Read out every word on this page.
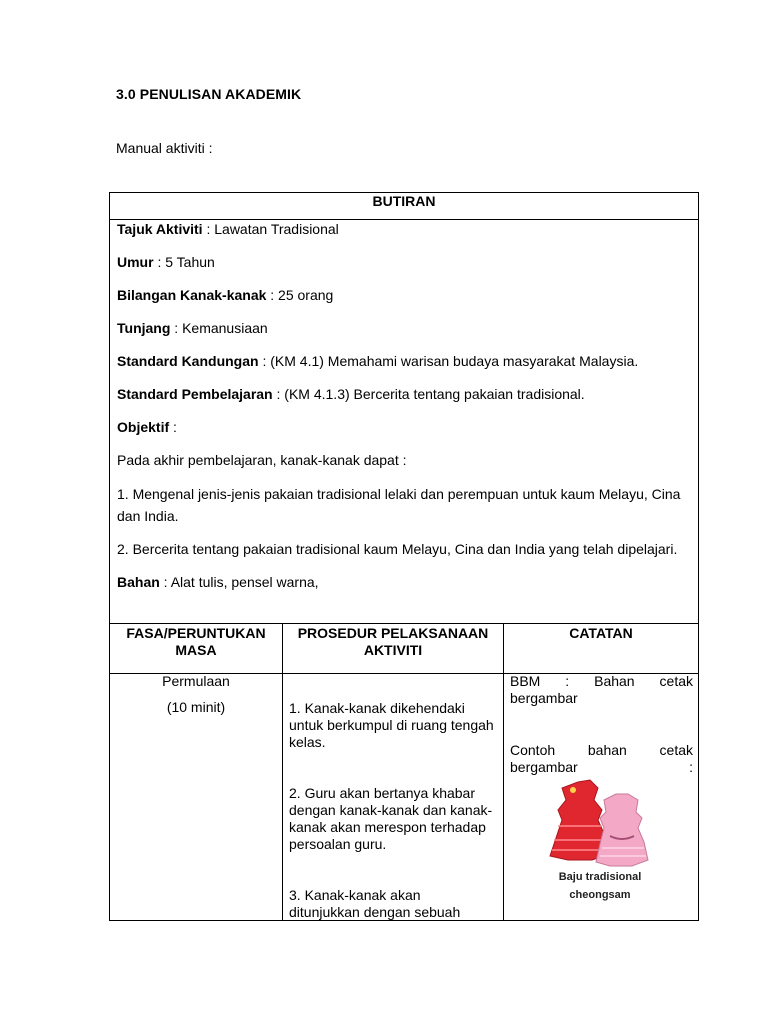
3.0 PENULISAN AKADEMIK
Manual aktiviti :
BUTIRAN
Tajuk Aktiviti : Lawatan Tradisional
Umur : 5 Tahun
Bilangan Kanak-kanak : 25 orang
Tunjang : Kemanusiaan
Standard Kandungan : (KM 4.1) Memahami warisan budaya masyarakat Malaysia.
Standard Pembelajaran : (KM 4.1.3) Bercerita tentang pakaian tradisional.
Objektif :
Pada akhir pembelajaran, kanak-kanak dapat :
1. Mengenal jenis-jenis pakaian tradisional lelaki dan perempuan untuk kaum Melayu, Cina dan India.
2. Bercerita tentang pakaian tradisional kaum Melayu, Cina dan India yang telah dipelajari.
Bahan : Alat tulis, pensel warna,
FASA/PERUNTUKAN MASA
PROSEDUR PELAKSANAAN AKTIVITI
CATATAN
Permulaan
(10 minit)	1. Kanak-kanak dikehendaki untuk berkumpul di ruang tengah kelas.
2. Guru akan bertanya khabar dengan kanak-kanak dan kanak-kanak akan merespon terhadap persoalan guru.
3. Kanak-kanak akan ditunjukkan dengan sebuah
BBM : Bahan cetak bergambar
Contoh bahan cetak bergambar :
Baju tradisional
cheongsam
